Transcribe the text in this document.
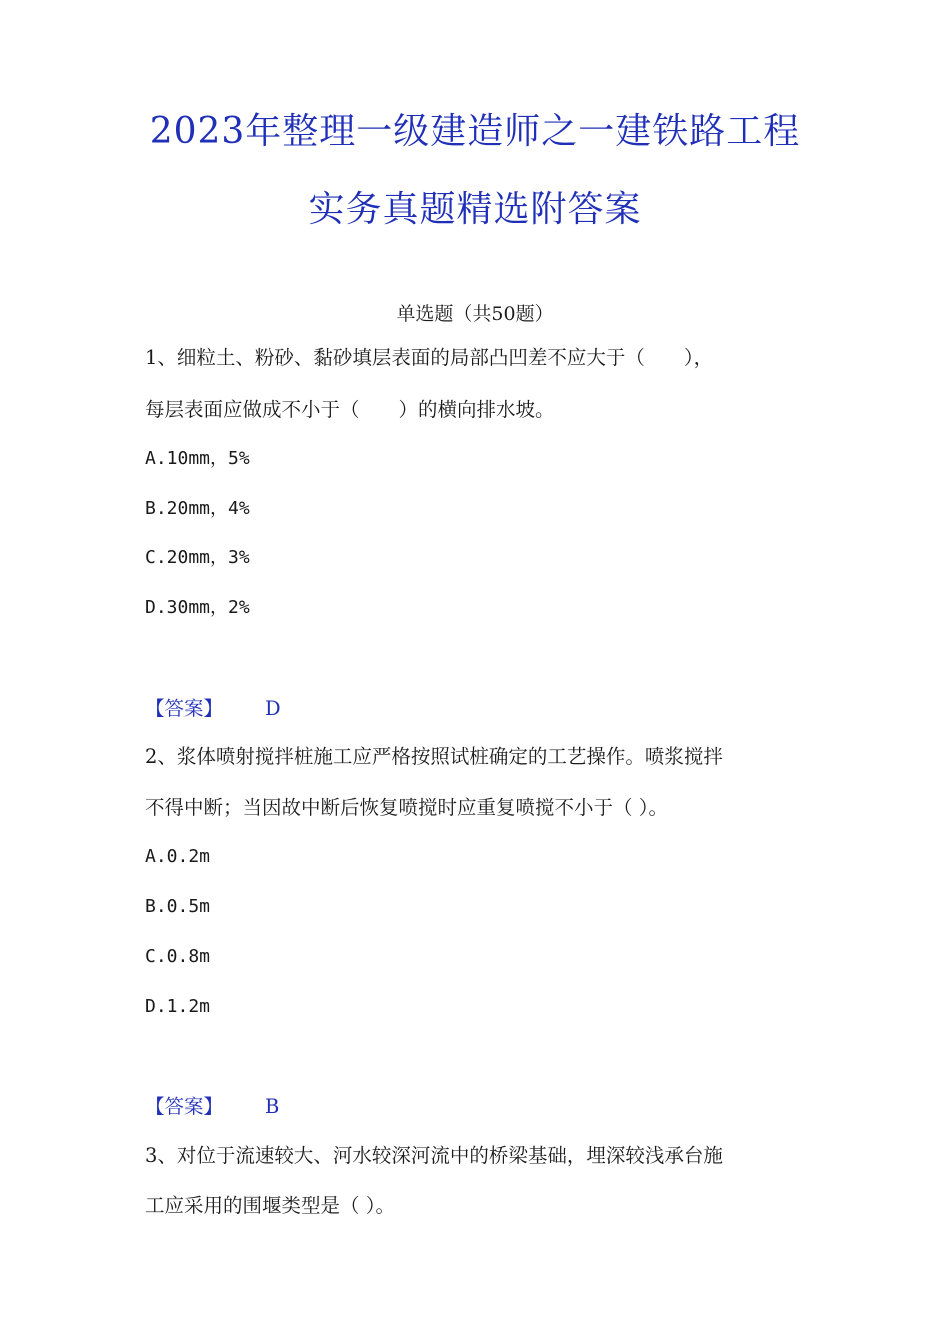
2023年整理一级建造师之一建铁路工程
实务真题精选附答案
单选题（共50题）
1、细粒土、粉砂、黏砂填层表面的局部凸凹差不应大于（　　），
每层表面应做成不小于（　　）的横向排水坡。
A.10mm，5%
B.20mm，4%
C.20mm，3%
D.30mm，2%
【答案】 D
2、浆体喷射搅拌桩施工应严格按照试桩确定的工艺操作。喷浆搅拌
不得中断；当因故中断后恢复喷搅时应重复喷搅不小于（ ）。
A.0.2m
B.0.5m
C.0.8m
D.1.2m
【答案】 B
3、对位于流速较大、河水较深河流中的桥梁基础，埋深较浅承台施
工应采用的围堰类型是（ ）。
